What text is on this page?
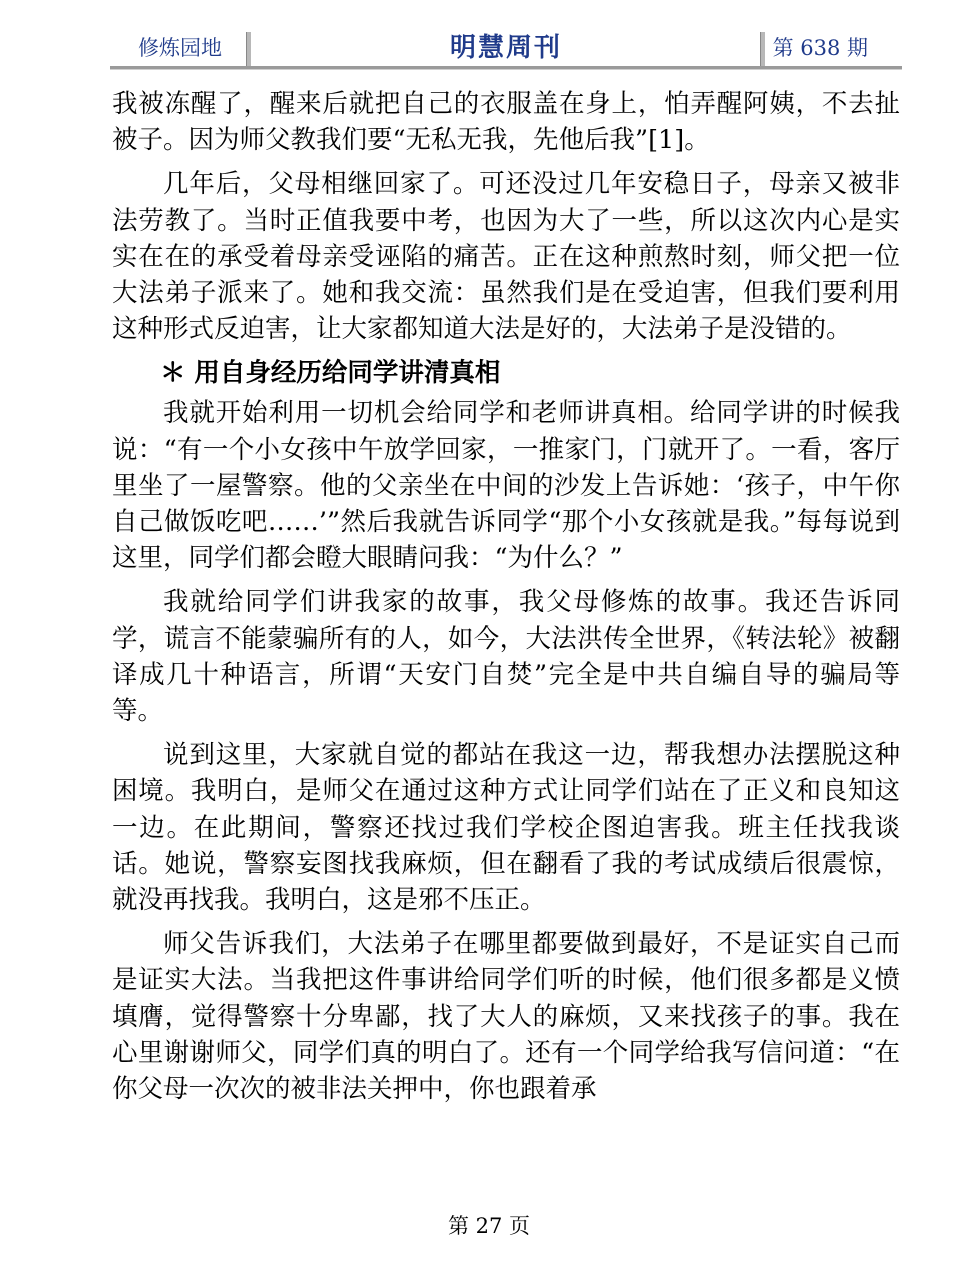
修炼园地	明慧周刊	第 638 期

我被冻醒了，醒来后就把自己的衣服盖在身上，怕弄醒阿姨，不去扯被子。因为师父教我们要“无私无我，先他后我”[1]。

几年后，父母相继回家了。可还没过几年安稳日子，母亲又被非法劳教了。当时正值我要中考，也因为大了一些，所以这次内心是实实在在的承受着母亲受诬陷的痛苦。正在这种煎熬时刻，师父把一位大法弟子派来了。她和我交流：虽然我们是在受迫害，但我们要利用这种形式反迫害，让大家都知道大法是好的，大法弟子是没错的。

＊ 用自身经历给同学讲清真相

我就开始利用一切机会给同学和老师讲真相。给同学讲的时候我说：“有一个小女孩中午放学回家，一推家门，门就开了。一看，客厅里坐了一屋警察。他的父亲坐在中间的沙发上告诉她：‘孩子，中午你自己做饭吃吧……’”然后我就告诉同学“那个小女孩就是我。”每每说到这里，同学们都会瞪大眼睛问我：“为什么？”

我就给同学们讲我家的故事，我父母修炼的故事。我还告诉同学，谎言不能蒙骗所有的人，如今，大法洪传全世界，《转法轮》被翻译成几十种语言，所谓“天安门自焚”完全是中共自编自导的骗局等等。

说到这里，大家就自觉的都站在我这一边，帮我想办法摆脱这种困境。我明白，是师父在通过这种方式让同学们站在了正义和良知这一边。在此期间，警察还找过我们学校企图迫害我。班主任找我谈话。她说，警察妄图找我麻烦，但在翻看了我的考试成绩后很震惊，就没再找我。我明白，这是邪不压正。

师父告诉我们，大法弟子在哪里都要做到最好，不是证实自己而是证实大法。当我把这件事讲给同学们听的时候，他们很多都是义愤填膺，觉得警察十分卑鄙，找了大人的麻烦，又来找孩子的事。我在心里谢谢师父，同学们真的明白了。还有一个同学给我写信问道：“在你父母一次次的被非法关押中，你也跟着承

第 27 页
